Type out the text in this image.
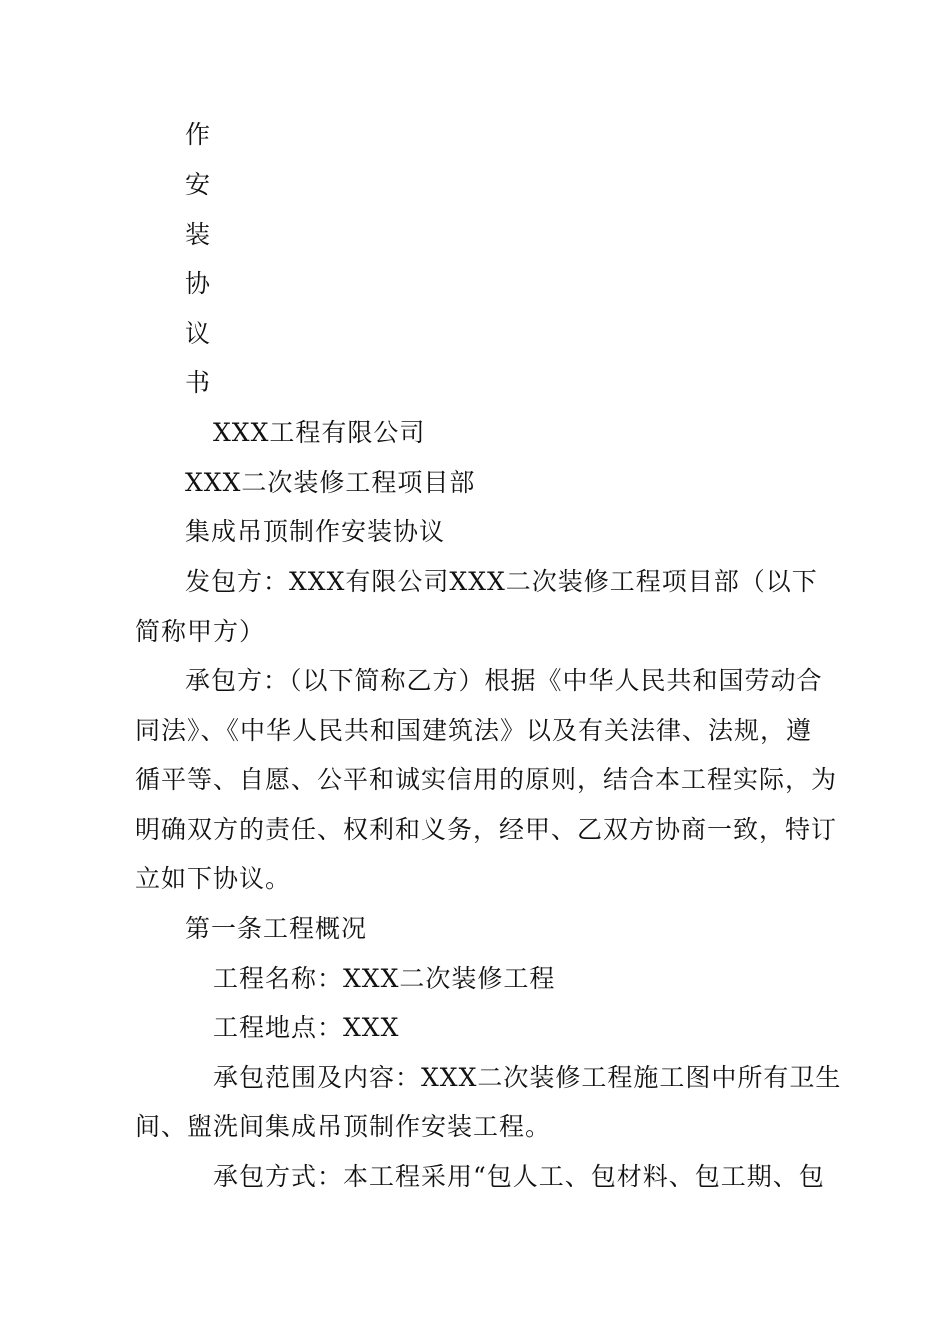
作
安
装
协
议
书
XXX工程有限公司
XXX二次装修工程项目部
集成吊顶制作安装协议
发包方：XXX有限公司XXX二次装修工程项目部（以下
简称甲方）
承包方：（以下简称乙方）根据《中华人民共和国劳动合
同法》、《中华人民共和国建筑法》以及有关法律、法规，遵
循平等、自愿、公平和诚实信用的原则，结合本工程实际，为
明确双方的责任、权利和义务，经甲、乙双方协商一致，特订
立如下协议。
第一条工程概况
工程名称：XXX二次装修工程
工程地点：XXX
承包范围及内容：XXX二次装修工程施工图中所有卫生
间、盥洗间集成吊顶制作安装工程。
承包方式：本工程采用“包人工、包材料、包工期、包
